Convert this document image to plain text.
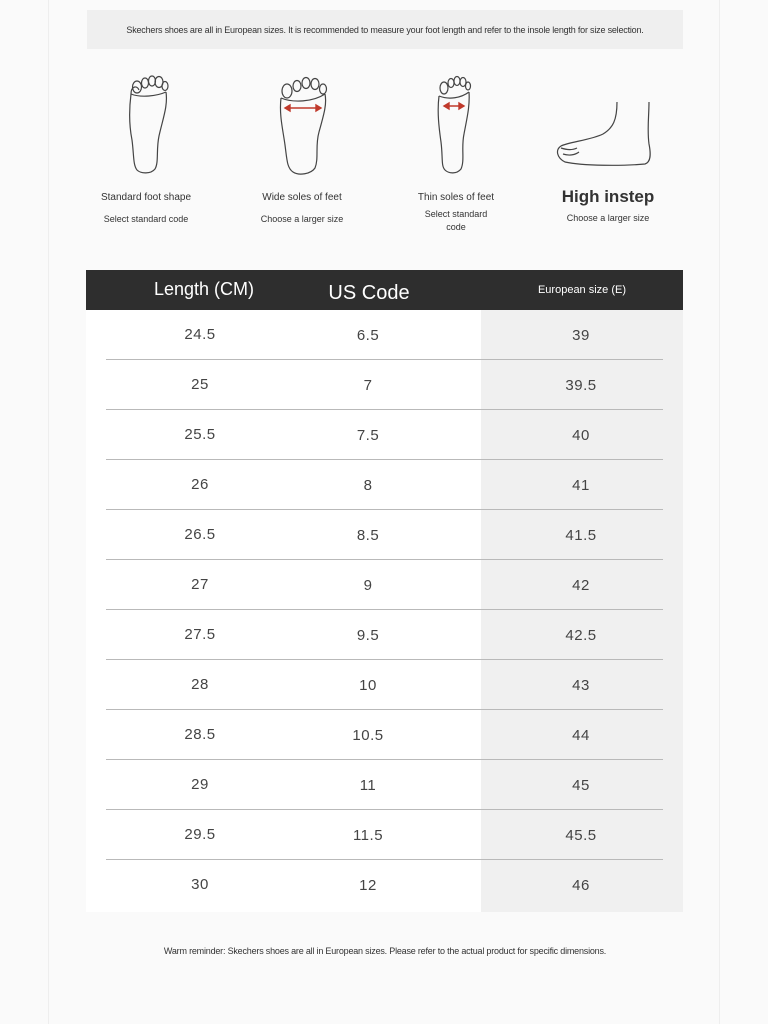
Skechers shoes are all in European sizes. It is recommended to measure your foot length and refer to the insole length for size selection.
Standard foot shape
Select standard code
Wide soles of feet
Choose a larger size
Thin soles of feet
Select standard code
High instep
Choose a larger size
Length (CM)	US Code	European size (E)
24.5	6.5	39
25	7	39.5
25.5	7.5	40
26	8	41
26.5	8.5	41.5
27	9	42
27.5	9.5	42.5
28	10	43
28.5	10.5	44
29	11	45
29.5	11.5	45.5
30	12	46
Warm reminder: Skechers shoes are all in European sizes. Please refer to the actual product for specific dimensions.
